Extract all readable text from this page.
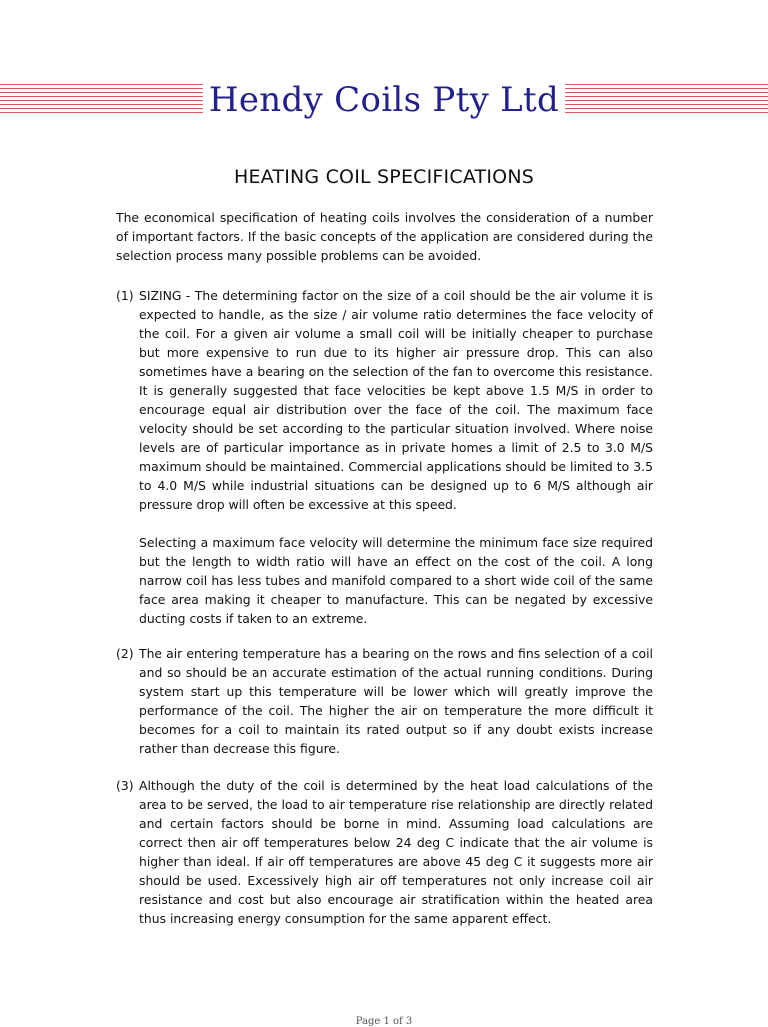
Hendy Coils Pty Ltd
HEATING COIL SPECIFICATIONS

The economical specification of heating coils involves the consideration of a number of important factors. If the basic concepts of the application are considered during the selection process many possible problems can be avoided.

(1) SIZING - The determining factor on the size of a coil should be the air volume it is expected to handle, as the size / air volume ratio determines the face velocity of the coil. For a given air volume a small coil will be initially cheaper to purchase but more expensive to run due to its higher air pressure drop. This can also sometimes have a bearing on the selection of the fan to overcome this resistance. It is generally suggested that face velocities be kept above 1.5 M/S in order to encourage equal air distribution over the face of the coil. The maximum face velocity should be set according to the particular situation involved. Where noise levels are of particular importance as in private homes a limit of 2.5 to 3.0 M/S maximum should be maintained. Commercial applications should be limited to 3.5 to 4.0 M/S while industrial situations can be designed up to 6 M/S although air pressure drop will often be excessive at this speed.

Selecting a maximum face velocity will determine the minimum face size required but the length to width ratio will have an effect on the cost of the coil. A long narrow coil has less tubes and manifold compared to a short wide coil of the same face area making it cheaper to manufacture. This can be negated by excessive ducting costs if taken to an extreme.

(2) The air entering temperature has a bearing on the rows and fins selection of a coil and so should be an accurate estimation of the actual running conditions. During system start up this temperature will be lower which will greatly improve the performance of the coil. The higher the air on temperature the more difficult it becomes for a coil to maintain its rated output so if any doubt exists increase rather than decrease this figure.

(3) Although the duty of the coil is determined by the heat load calculations of the area to be served, the load to air temperature rise relationship are directly related and certain factors should be borne in mind. Assuming load calculations are correct then air off temperatures below 24 deg C indicate that the air volume is higher than ideal. If air off temperatures are above 45 deg C it suggests more air should be used. Excessively high air off temperatures not only increase coil air resistance and cost but also encourage air stratification within the heated area thus increasing energy consumption for the same apparent effect.

Page 1 of 3
